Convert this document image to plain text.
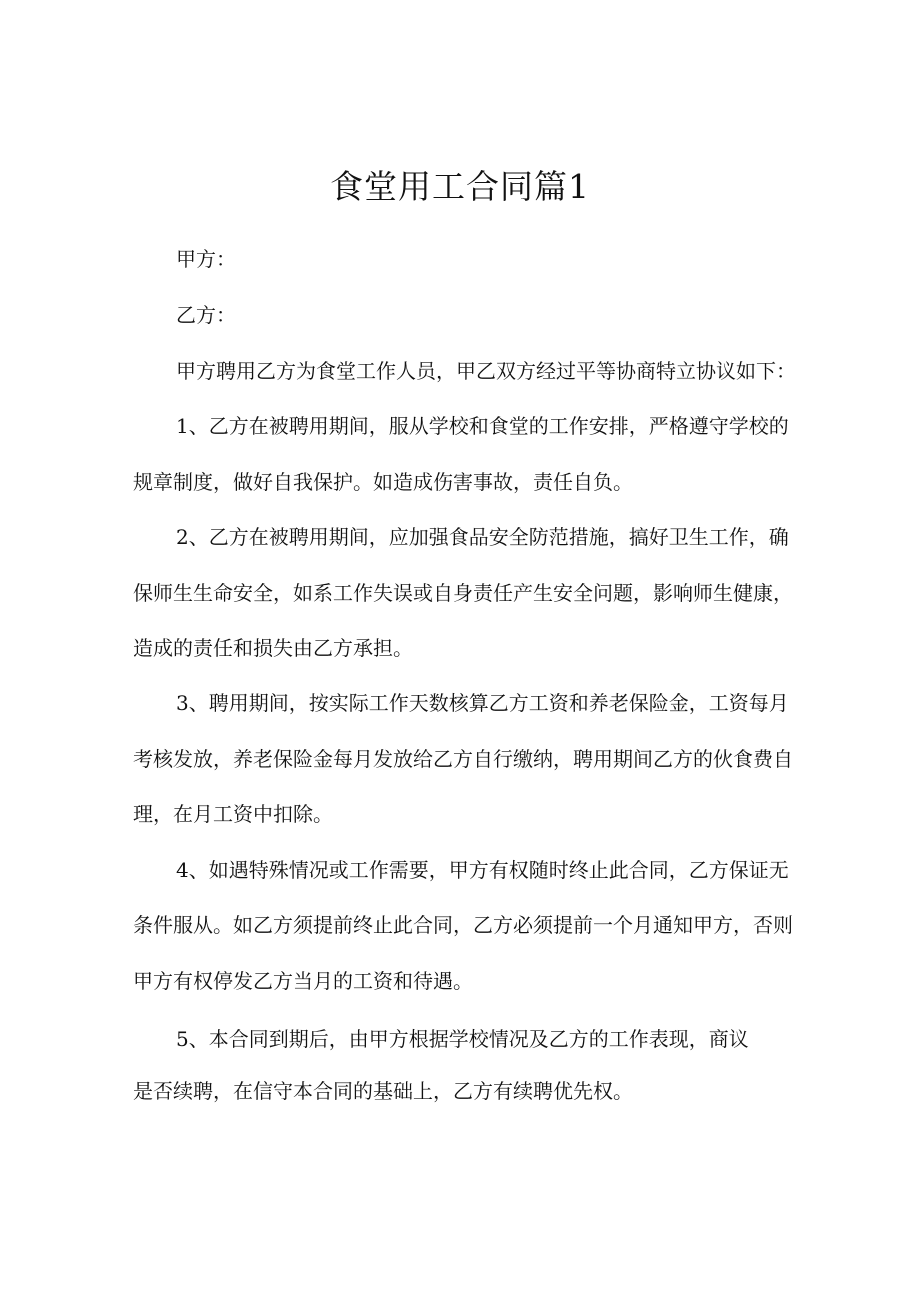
食堂用工合同篇1
甲方：
乙方：
甲方聘用乙方为食堂工作人员，甲乙双方经过平等协商特立协议如下：
1、乙方在被聘用期间，服从学校和食堂的工作安排，严格遵守学校的
规章制度，做好自我保护。如造成伤害事故，责任自负。
2、乙方在被聘用期间，应加强食品安全防范措施，搞好卫生工作，确
保师生生命安全，如系工作失误或自身责任产生安全问题，影响师生健康，
造成的责任和损失由乙方承担。
3、聘用期间，按实际工作天数核算乙方工资和养老保险金，工资每月
考核发放，养老保险金每月发放给乙方自行缴纳，聘用期间乙方的伙食费自
理，在月工资中扣除。
4、如遇特殊情况或工作需要，甲方有权随时终止此合同，乙方保证无
条件服从。如乙方须提前终止此合同，乙方必须提前一个月通知甲方，否则
甲方有权停发乙方当月的工资和待遇。
5、本合同到期后，由甲方根据学校情况及乙方的工作表现，商议
是否续聘，在信守本合同的基础上，乙方有续聘优先权。
